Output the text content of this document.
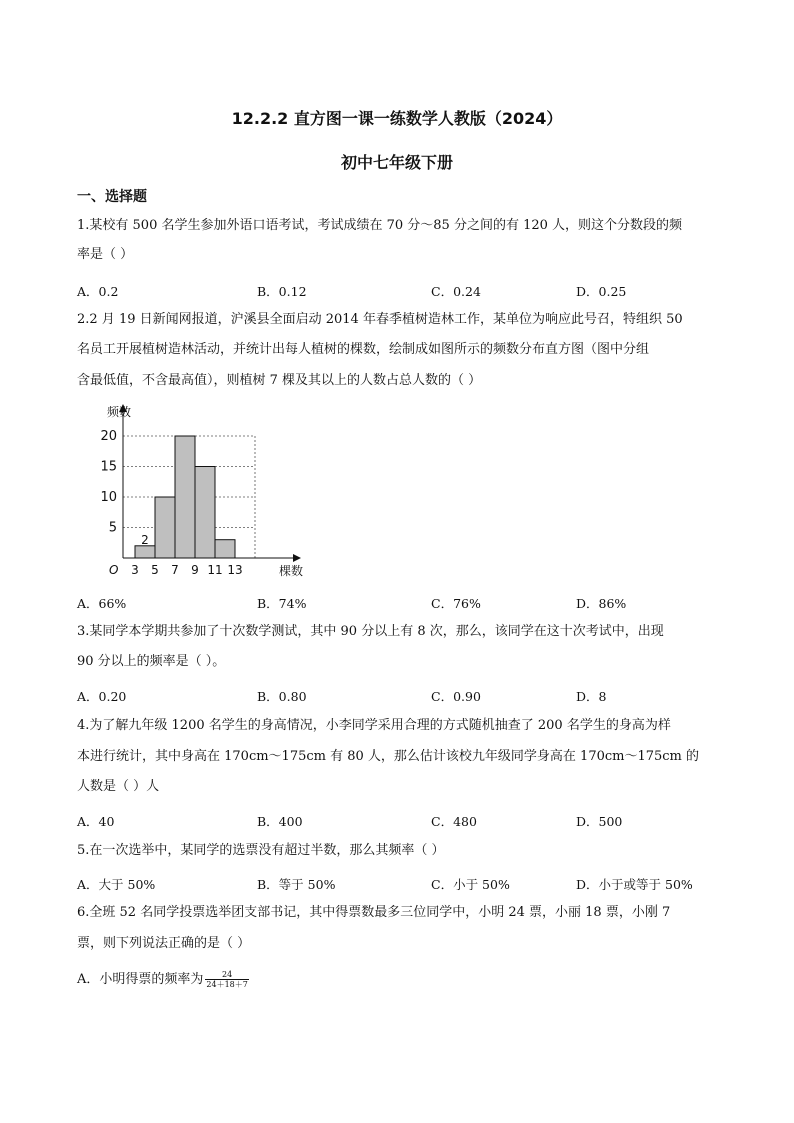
12.2.2 直方图一课一练数学人教版（2024）
初中七年级下册
一、选择题
1.某校有 500 名学生参加外语口语考试，考试成绩在 70 分～85 分之间的有 120 人，则这个分数段的频
率是（ ）
A．0.2	B．0.12	C．0.24	D．0.25
2.2 月 19 日新闻网报道，沪溪县全面启动 2014 年春季植树造林工作，某单位为响应此号召，特组织 50
名员工开展植树造林活动，并统计出每人植树的棵数，绘制成如图所示的频数分布直方图（图中分组
含最低值，不含最高值），则植树 7 棵及其以上的人数占总人数的（ ）
频数
棵数
O
5
10
15
20
2
3 5 7 9 11 13
A．66%	B．74%	C．76%	D．86%
3.某同学本学期共参加了十次数学测试，其中 90 分以上有 8 次，那么，该同学在这十次考试中，出现
90 分以上的频率是（ ）。
A．0.20	B．0.80	C．0.90	D．8
4.为了解九年级 1200 名学生的身高情况，小李同学采用合理的方式随机抽查了 200 名学生的身高为样
本进行统计，其中身高在 170cm～175cm 有 80 人，那么估计该校九年级同学身高在 170cm～175cm 的
人数是（ ）人
A．40	B．400	C．480	D．500
5.在一次选举中，某同学的选票没有超过半数，那么其频率（ ）
A．大于 50%	B．等于 50%	C．小于 50%	D．小于或等于 50%
6.全班 52 名同学投票选举团支部书记，其中得票数最多三位同学中，小明 24 票，小丽 18 票，小刚 7
票，则下列说法正确的是（ ）
A．小明得票的频率为 $\frac{24}{24+18+7}$
